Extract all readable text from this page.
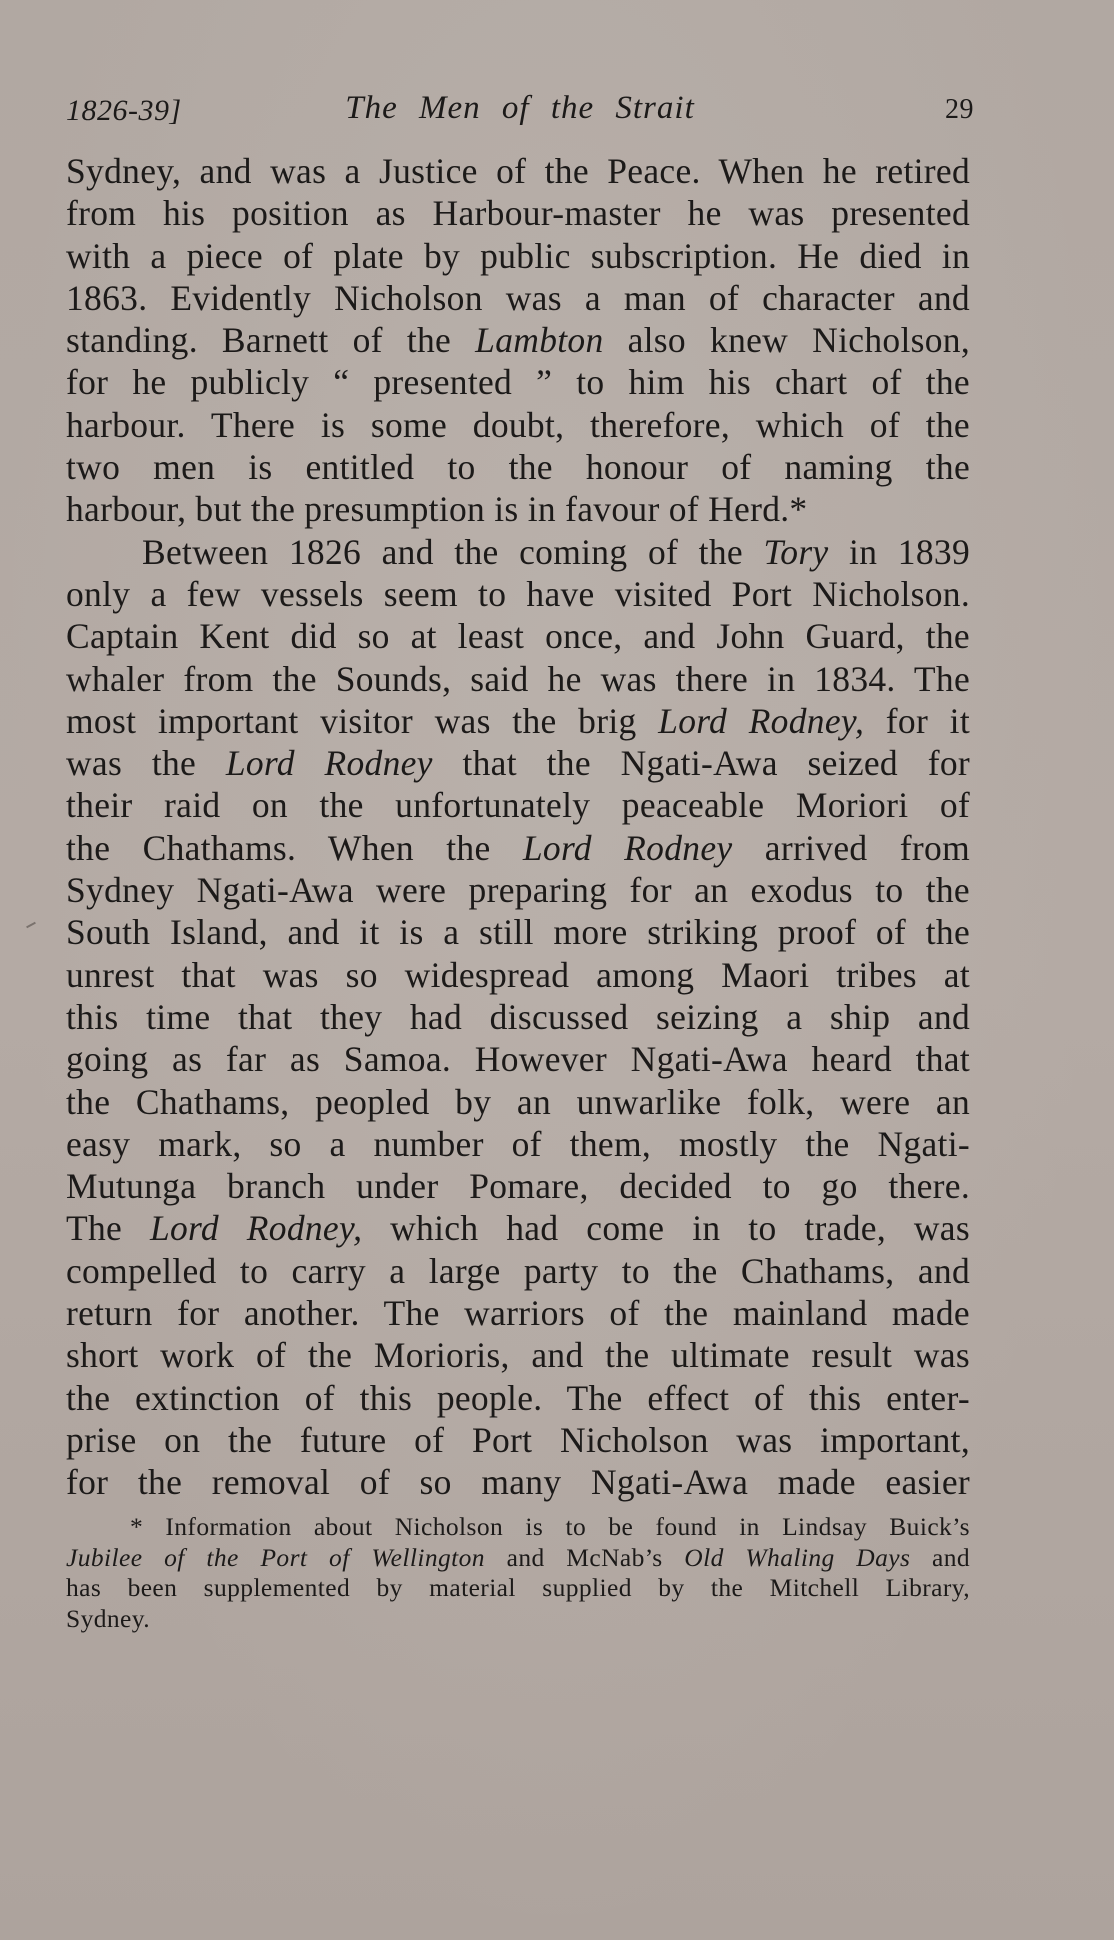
1826-39]	The Men of the Strait	29
Sydney, and was a Justice of the Peace. When he retired
from his position as Harbour-master he was presented
with a piece of plate by public subscription. He died in
1863. Evidently Nicholson was a man of character and
standing. Barnett of the Lambton also knew Nicholson,
for he publicly “ presented ” to him his chart of the
harbour. There is some doubt, therefore, which of the
two men is entitled to the honour of naming the
harbour, but the presumption is in favour of Herd.*
Between 1826 and the coming of the Tory in 1839
only a few vessels seem to have visited Port Nicholson.
Captain Kent did so at least once, and John Guard, the
whaler from the Sounds, said he was there in 1834. The
most important visitor was the brig Lord Rodney, for it
was the Lord Rodney that the Ngati-Awa seized for
their raid on the unfortunately peaceable Moriori of
the Chathams. When the Lord Rodney arrived from
Sydney Ngati-Awa were preparing for an exodus to the
South Island, and it is a still more striking proof of the
unrest that was so widespread among Maori tribes at
this time that they had discussed seizing a ship and
going as far as Samoa. However Ngati-Awa heard that
the Chathams, peopled by an unwarlike folk, were an
easy mark, so a number of them, mostly the Ngati-
Mutunga branch under Pomare, decided to go there.
The Lord Rodney, which had come in to trade, was
compelled to carry a large party to the Chathams, and
return for another. The warriors of the mainland made
short work of the Morioris, and the ultimate result was
the extinction of this people. The effect of this enter-
prise on the future of Port Nicholson was important,
for the removal of so many Ngati-Awa made easier
* Information about Nicholson is to be found in Lindsay Buick’s
Jubilee of the Port of Wellington and McNab’s Old Whaling Days and
has been supplemented by material supplied by the Mitchell Library,
Sydney.
